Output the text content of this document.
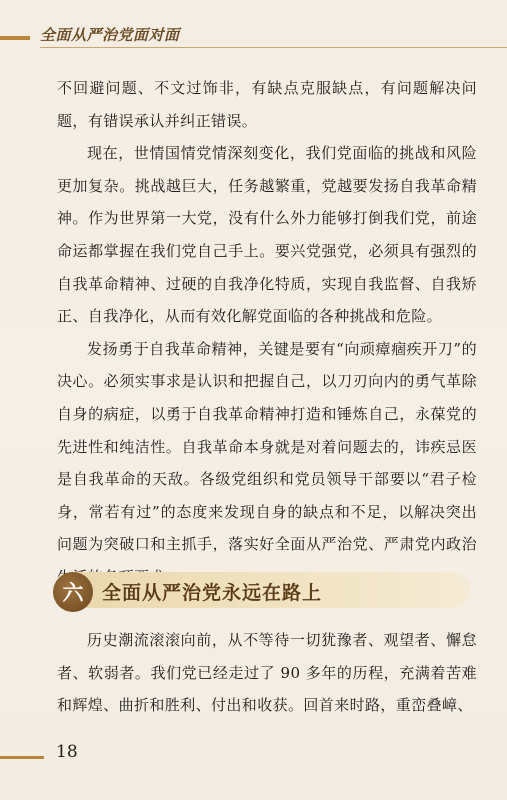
全面从严治党面对面

不回避问题、不文过饰非，有缺点克服缺点，有问题解决问题，有错误承认并纠正错误。

现在，世情国情党情深刻变化，我们党面临的挑战和风险更加复杂。挑战越巨大，任务越繁重，党越要发扬自我革命精神。作为世界第一大党，没有什么外力能够打倒我们党，前途命运都掌握在我们党自己手上。要兴党强党，必须具有强烈的自我革命精神、过硬的自我净化特质，实现自我监督、自我矫正、自我净化，从而有效化解党面临的各种挑战和危险。

发扬勇于自我革命精神，关键是要有“向顽瘴痼疾开刀”的决心。必须实事求是认识和把握自己，以刀刃向内的勇气革除自身的病症，以勇于自我革命精神打造和锤炼自己，永葆党的先进性和纯洁性。自我革命本身就是对着问题去的，讳疾忌医是自我革命的天敌。各级党组织和党员领导干部要以“君子检身，常若有过”的态度来发现自身的缺点和不足，以解决突出问题为突破口和主抓手，落实好全面从严治党、严肃党内政治

六 全面从严治党永远在路上

历史潮流滚滚向前，从不等待一切犹豫者、观望者、懈怠者、软弱者。我们党已经走过了 90 多年的历程，充满着苦难和辉煌、曲折和胜利、付出和收获。回首来时路，重峦叠嶂、

18
